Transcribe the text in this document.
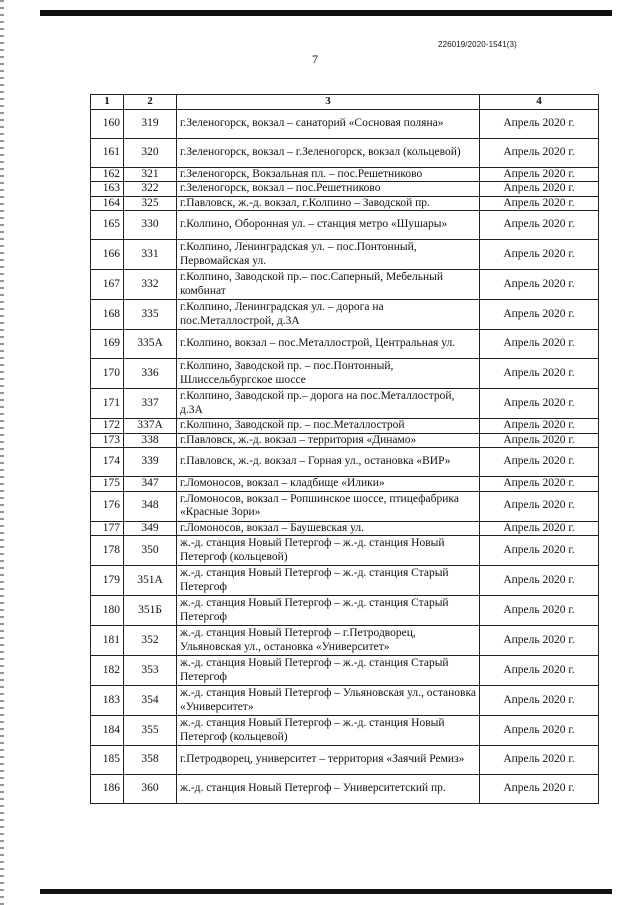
226019/2020-1541(3)
7
1	2	3	4
160	319	г.Зеленогорск, вокзал – санаторий «Сосновая поляна»	Апрель 2020 г.
161	320	г.Зеленогорск, вокзал – г.Зеленогорск, вокзал (кольцевой)	Апрель 2020 г.
162	321	г.Зеленогорск, Вокзальная пл. – пос.Решетниково	Апрель 2020 г.
163	322	г.Зеленогорск, вокзал – пос.Решетниково	Апрель 2020 г.
164	325	г.Павловск, ж.-д. вокзал, г.Колпино – Заводской пр.	Апрель 2020 г.
165	330	г.Колпино, Оборонная ул. – станция метро «Шушары»	Апрель 2020 г.
166	331	г.Колпино, Ленинградская ул. – пос.Понтонный, Первомайская ул.	Апрель 2020 г.
167	332	г.Колпино, Заводской пр.– пос.Саперный, Мебельный комбинат	Апрель 2020 г.
168	335	г.Колпино, Ленинградская ул. – дорога на пос.Металлострой, д.3А	Апрель 2020 г.
169	335А	г.Колпино, вокзал – пос.Металлострой, Центральная ул.	Апрель 2020 г.
170	336	г.Колпино, Заводской пр. – пос.Понтонный, Шлиссельбургское шоссе	Апрель 2020 г.
171	337	г.Колпино, Заводской пр.– дорога на пос.Металлострой, д.3А	Апрель 2020 г.
172	337А	г.Колпино, Заводской пр. – пос.Металлострой	Апрель 2020 г.
173	338	г.Павловск, ж.-д. вокзал – территория «Динамо»	Апрель 2020 г.
174	339	г.Павловск, ж.-д. вокзал – Горная ул., остановка «ВИР»	Апрель 2020 г.
175	347	г.Ломоносов, вокзал – кладбище «Илики»	Апрель 2020 г.
176	348	г.Ломоносов, вокзал – Ропшинское шоссе, птицефабрика «Красные Зори»	Апрель 2020 г.
177	349	г.Ломоносов, вокзал – Баушевская ул.	Апрель 2020 г.
178	350	ж.-д. станция Новый Петергоф – ж.-д. станция Новый Петергоф (кольцевой)	Апрель 2020 г.
179	351А	ж.-д. станция Новый Петергоф – ж.-д. станция Старый Петергоф	Апрель 2020 г.
180	351Б	ж.-д. станция Новый Петергоф – ж.-д. станция Старый Петергоф	Апрель 2020 г.
181	352	ж.-д. станция Новый Петергоф – г.Петродворец, Ульяновская ул., остановка «Университет»	Апрель 2020 г.
182	353	ж.-д. станция Новый Петергоф – ж.-д. станция Старый Петергоф	Апрель 2020 г.
183	354	ж.-д. станция Новый Петергоф – Ульяновская ул., остановка «Университет»	Апрель 2020 г.
184	355	ж.-д. станция Новый Петергоф – ж.-д. станция Новый Петергоф (кольцевой)	Апрель 2020 г.
185	358	г.Петродворец, университет – территория «Заячий Ремиз»	Апрель 2020 г.
186	360	ж.-д. станция Новый Петергоф – Университетский пр.	Апрель 2020 г.
